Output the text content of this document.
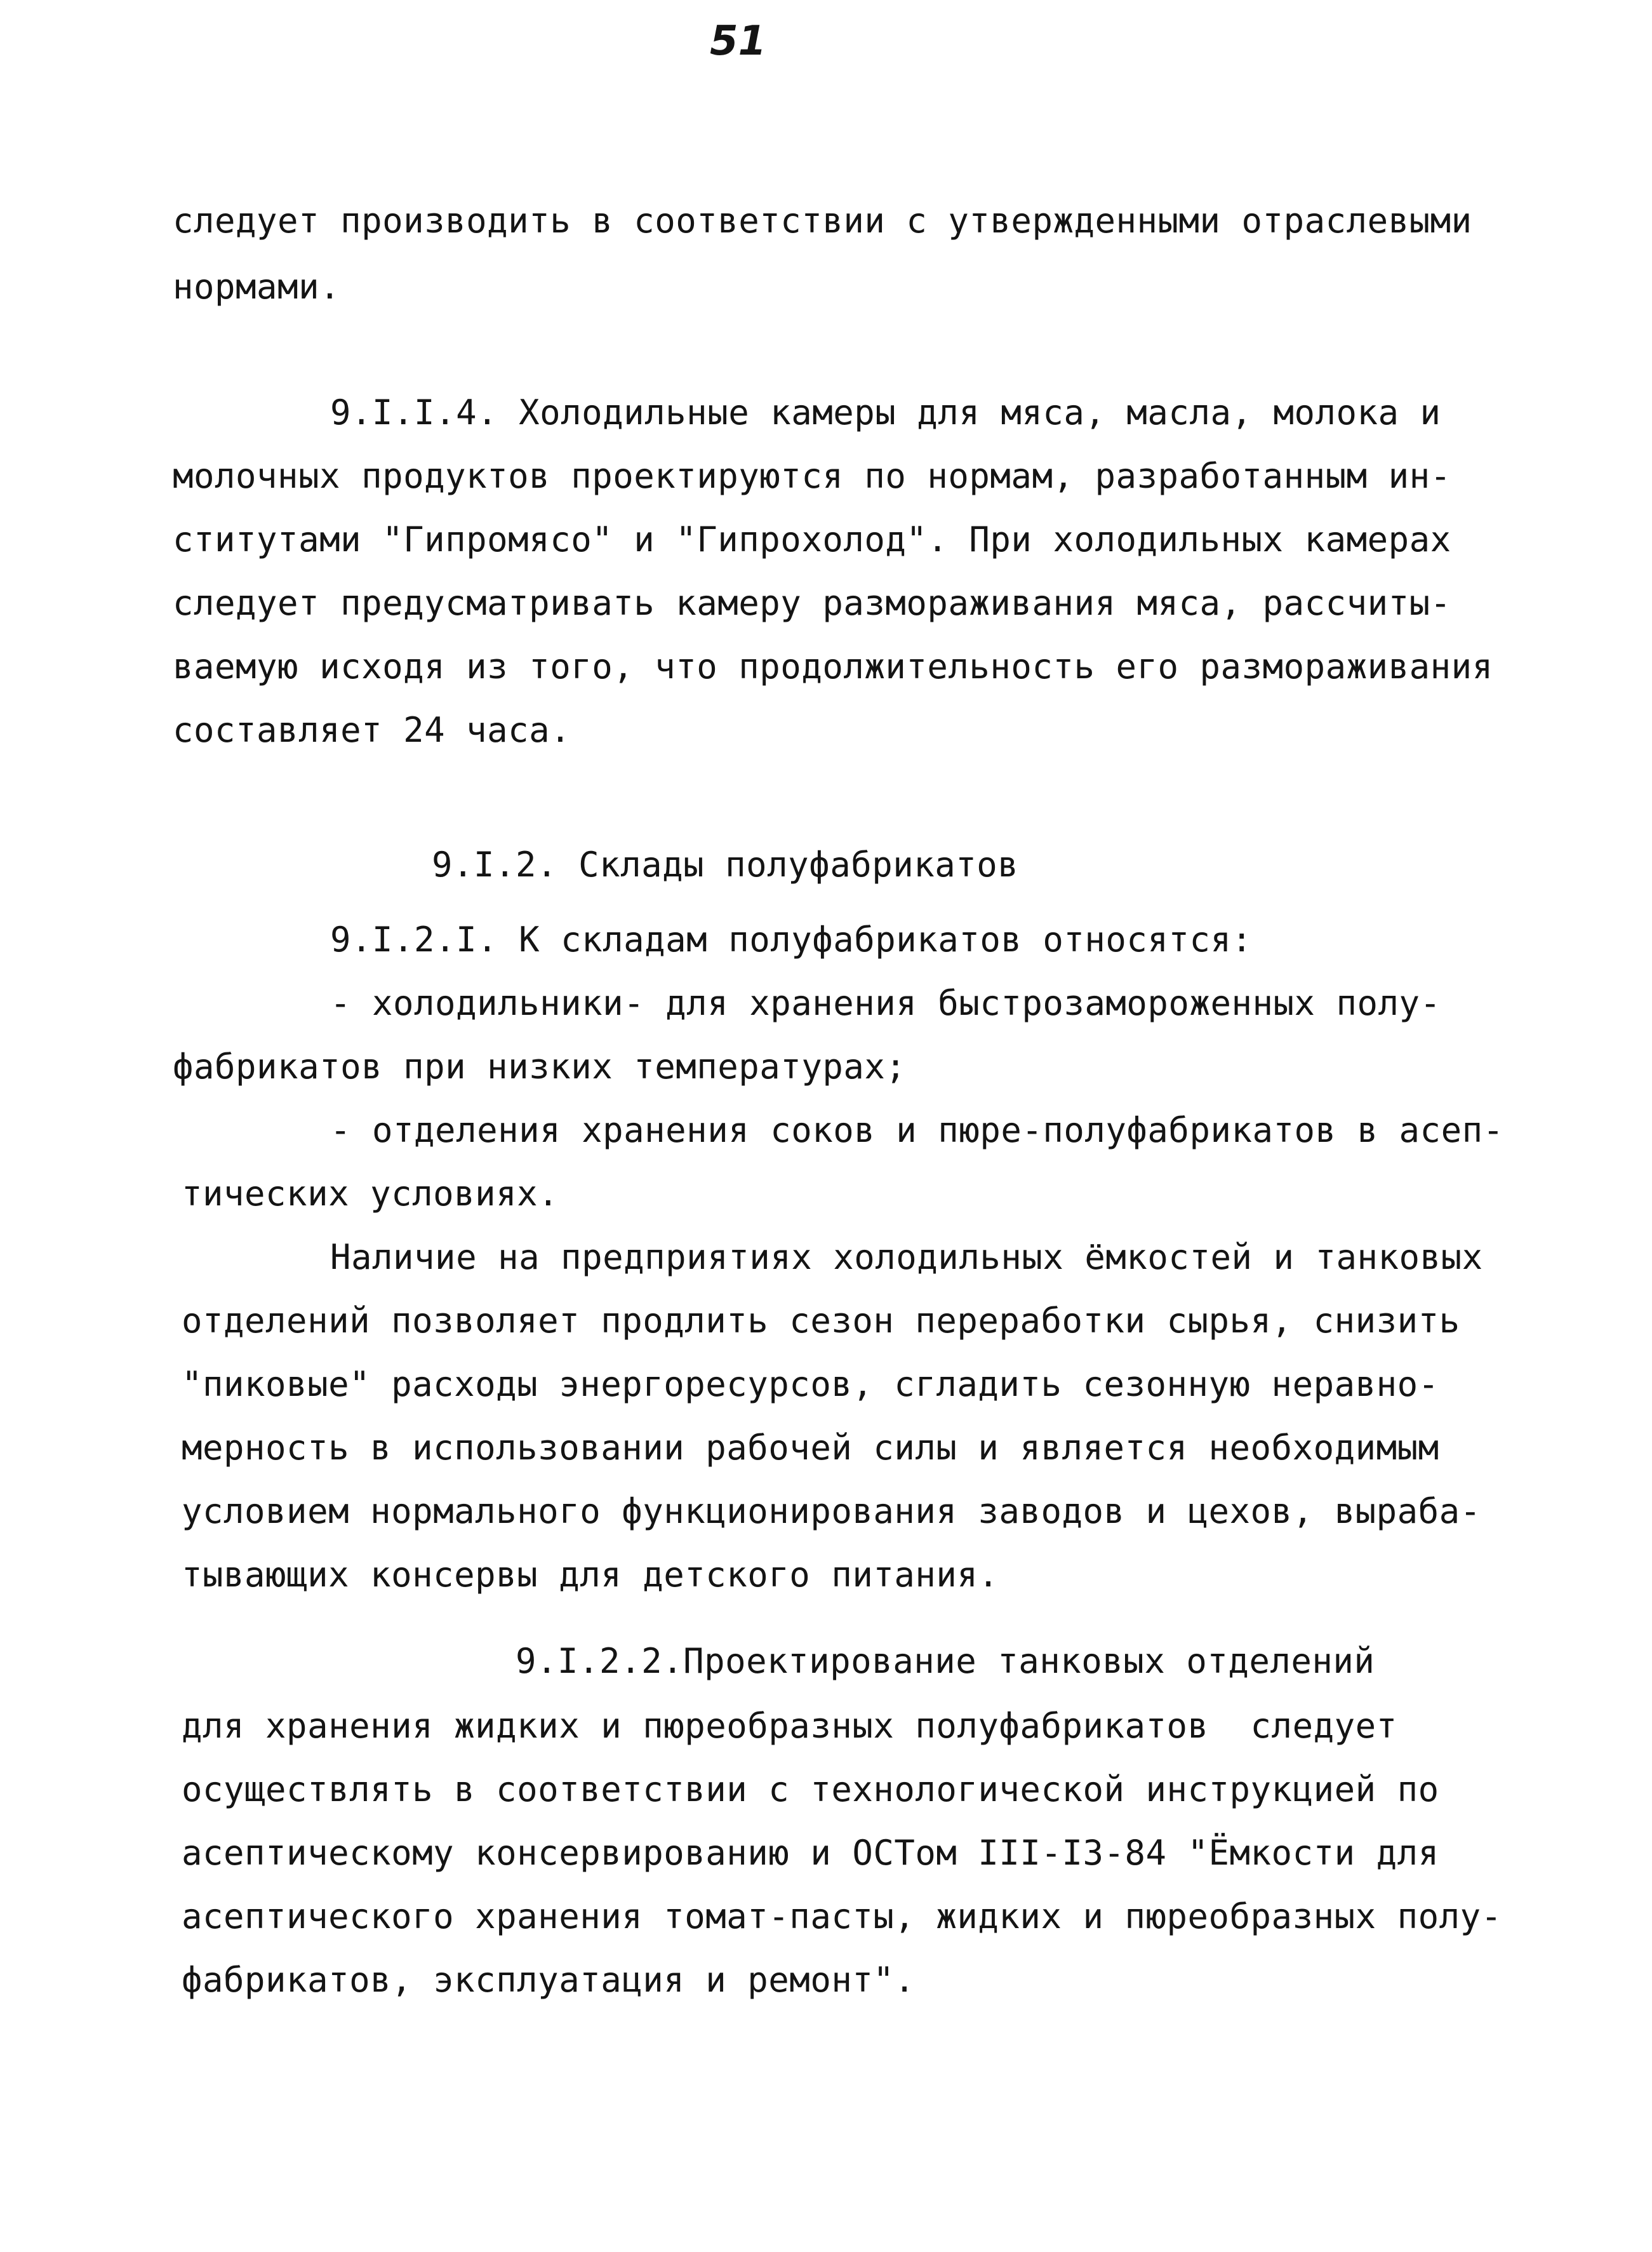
51
следует производить в соответствии с утвержденными отраслевыми
нормами.
9.I.I.4. Холодильные камеры для мяса, масла, молока и
молочных продуктов проектируются по нормам, разработанным ин-
ститутами "Гипромясо" и "Гипрохолод". При холодильных камерах
следует предусматривать камеру размораживания мяса, рассчиты-
ваемую исходя из того, что продолжительность его размораживания
составляет 24 часа.
9.I.2. Склады полуфабрикатов
9.I.2.I. К складам полуфабрикатов относятся:
- холодильники- для хранения быстрозамороженных полу-
фабрикатов при низких температурах;
- отделения хранения соков и пюре-полуфабрикатов в асеп-
тических условиях.
Наличие на предприятиях холодильных ёмкостей и танковых
отделений позволяет продлить сезон переработки сырья, снизить
"пиковые" расходы энергоресурсов, сгладить сезонную неравно-
мерность в использовании рабочей силы и является необходимым
условием нормального функционирования заводов и цехов, выраба-
тывающих консервы для детского питания.
9.I.2.2.Проектирование танковых отделений
для хранения жидких и пюреобразных полуфабрикатов  следует
осуществлять в соответствии с технологической инструкцией по
асептическому консервированию и ОСТом III-I3-84 "Ёмкости для
асептического хранения томат-пасты, жидких и пюреобразных полу-
фабрикатов, эксплуатация и ремонт".
